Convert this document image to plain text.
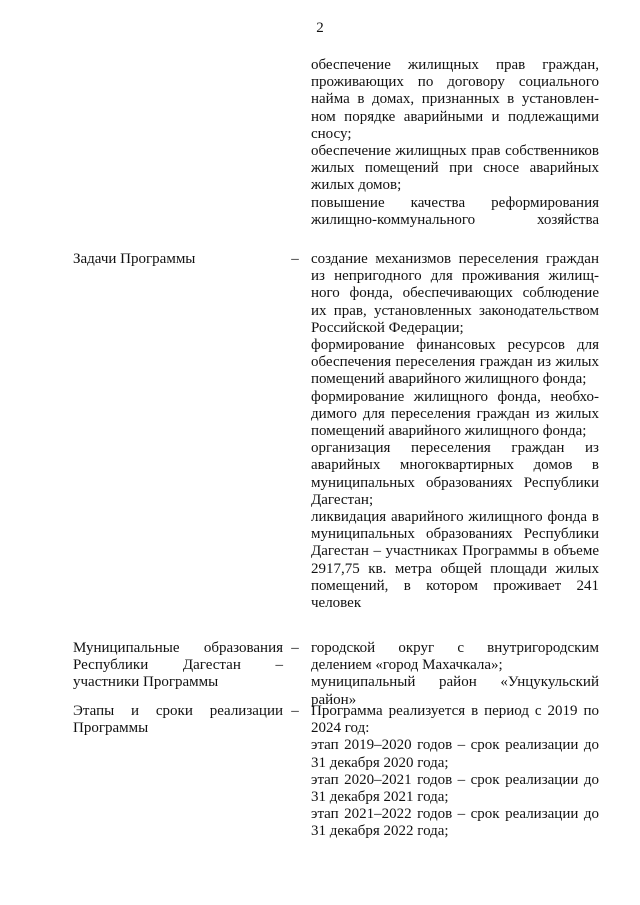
2

обеспечение жилищных прав граждан, проживающих по договору социального найма в домах, признанных в установленном порядке аварийными и подлежащими сносу;

обеспечение жилищных прав собственников жилых помещений при сносе аварийных жилых домов;

повышение качества реформирования жилищно-коммунального хозяйства

Задачи Программы	– создание механизмов переселения граждан из непригодного для проживания жилищного фонда, обеспечивающих соблюдение их прав, установленных законодательством Российской Федерации;

формирование финансовых ресурсов для обеспечения переселения граждан из жилых помещений аварийного жилищного фонда;

формирование жилищного фонда, необходимого для переселения граждан из жилых помещений аварийного жилищного фонда;

организация переселения граждан из аварийных многоквартирных домов в муниципальных образованиях Республики Дагестан;

ликвидация аварийного жилищного фонда в муниципальных образованиях Республики Дагестан – участниках Программы в объеме 2917,75 кв. метра общей площади жилых помещений, в котором проживает 241 человек

Муниципальные образования Республики Дагестан – участники Программы
– городской округ с внутригородским делением «город Махачкала»;

муниципальный район «Унцукульский район»

Этапы и сроки реализации Программы
– Программа реализуется в период с 2019 по 2024 год:

этап 2019–2020 годов – срок реализации до 31 декабря 2020 года;

этап 2020–2021 годов – срок реализации до 31 декабря 2021 года;

этап 2021–2022 годов – срок реализации до 31 декабря 2022 года;
